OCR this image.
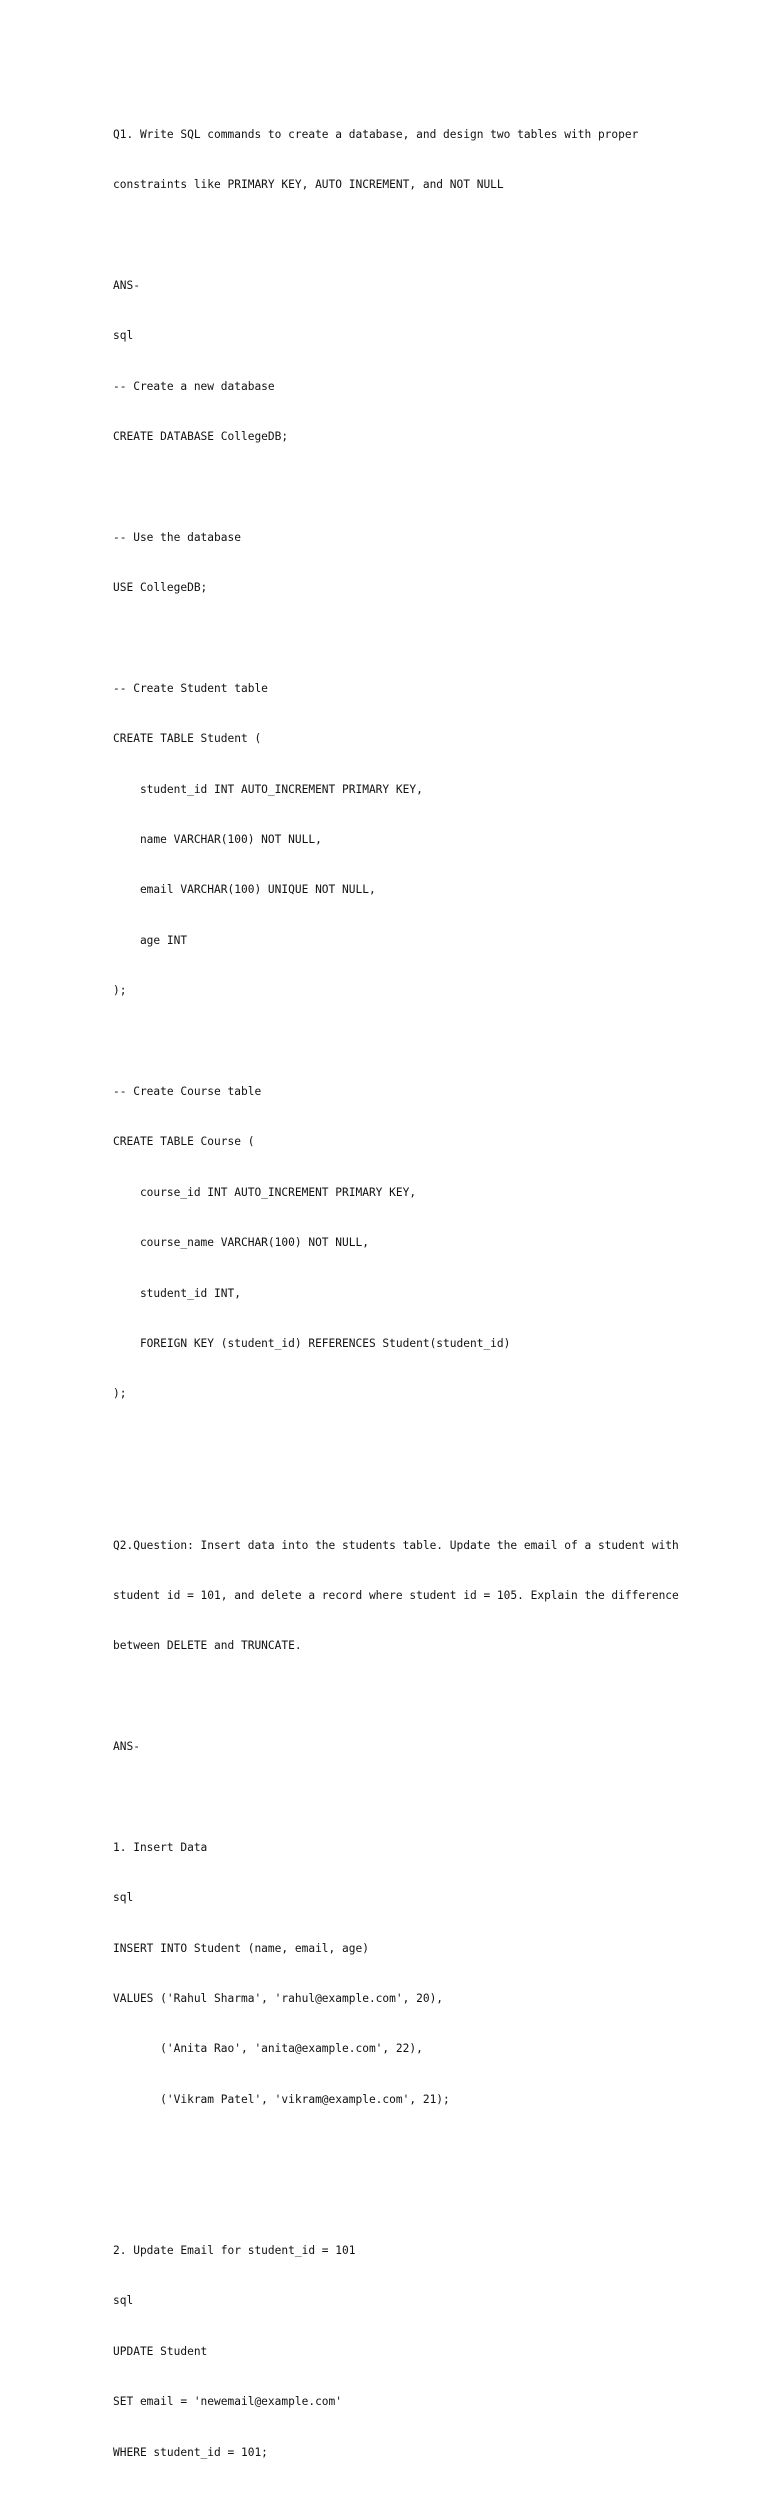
Q1. Write SQL commands to create a database, and design two tables with proper

constraints like PRIMARY KEY, AUTO INCREMENT, and NOT NULL

ANS-

sql

-- Create a new database

CREATE DATABASE CollegeDB;

-- Use the database

USE CollegeDB;

-- Create Student table

CREATE TABLE Student (

student_id INT AUTO_INCREMENT PRIMARY KEY,

name VARCHAR(100) NOT NULL,

email VARCHAR(100) UNIQUE NOT NULL,

age INT

);

-- Create Course table

CREATE TABLE Course (

course_id INT AUTO_INCREMENT PRIMARY KEY,

course_name VARCHAR(100) NOT NULL,

student_id INT,

FOREIGN KEY (student_id) REFERENCES Student(student_id)

);

Q2.Question: Insert data into the students table. Update the email of a student with

student id = 101, and delete a record where student id = 105. Explain the difference

between DELETE and TRUNCATE.

ANS-

1. Insert Data

sql

INSERT INTO Student (name, email, age)

VALUES ('Rahul Sharma', 'rahul@example.com', 20),

('Anita Rao', 'anita@example.com', 22),

('Vikram Patel', 'vikram@example.com', 21);

2. Update Email for student_id = 101

sql

UPDATE Student

SET email = 'newemail@example.com'

WHERE student_id = 101;
